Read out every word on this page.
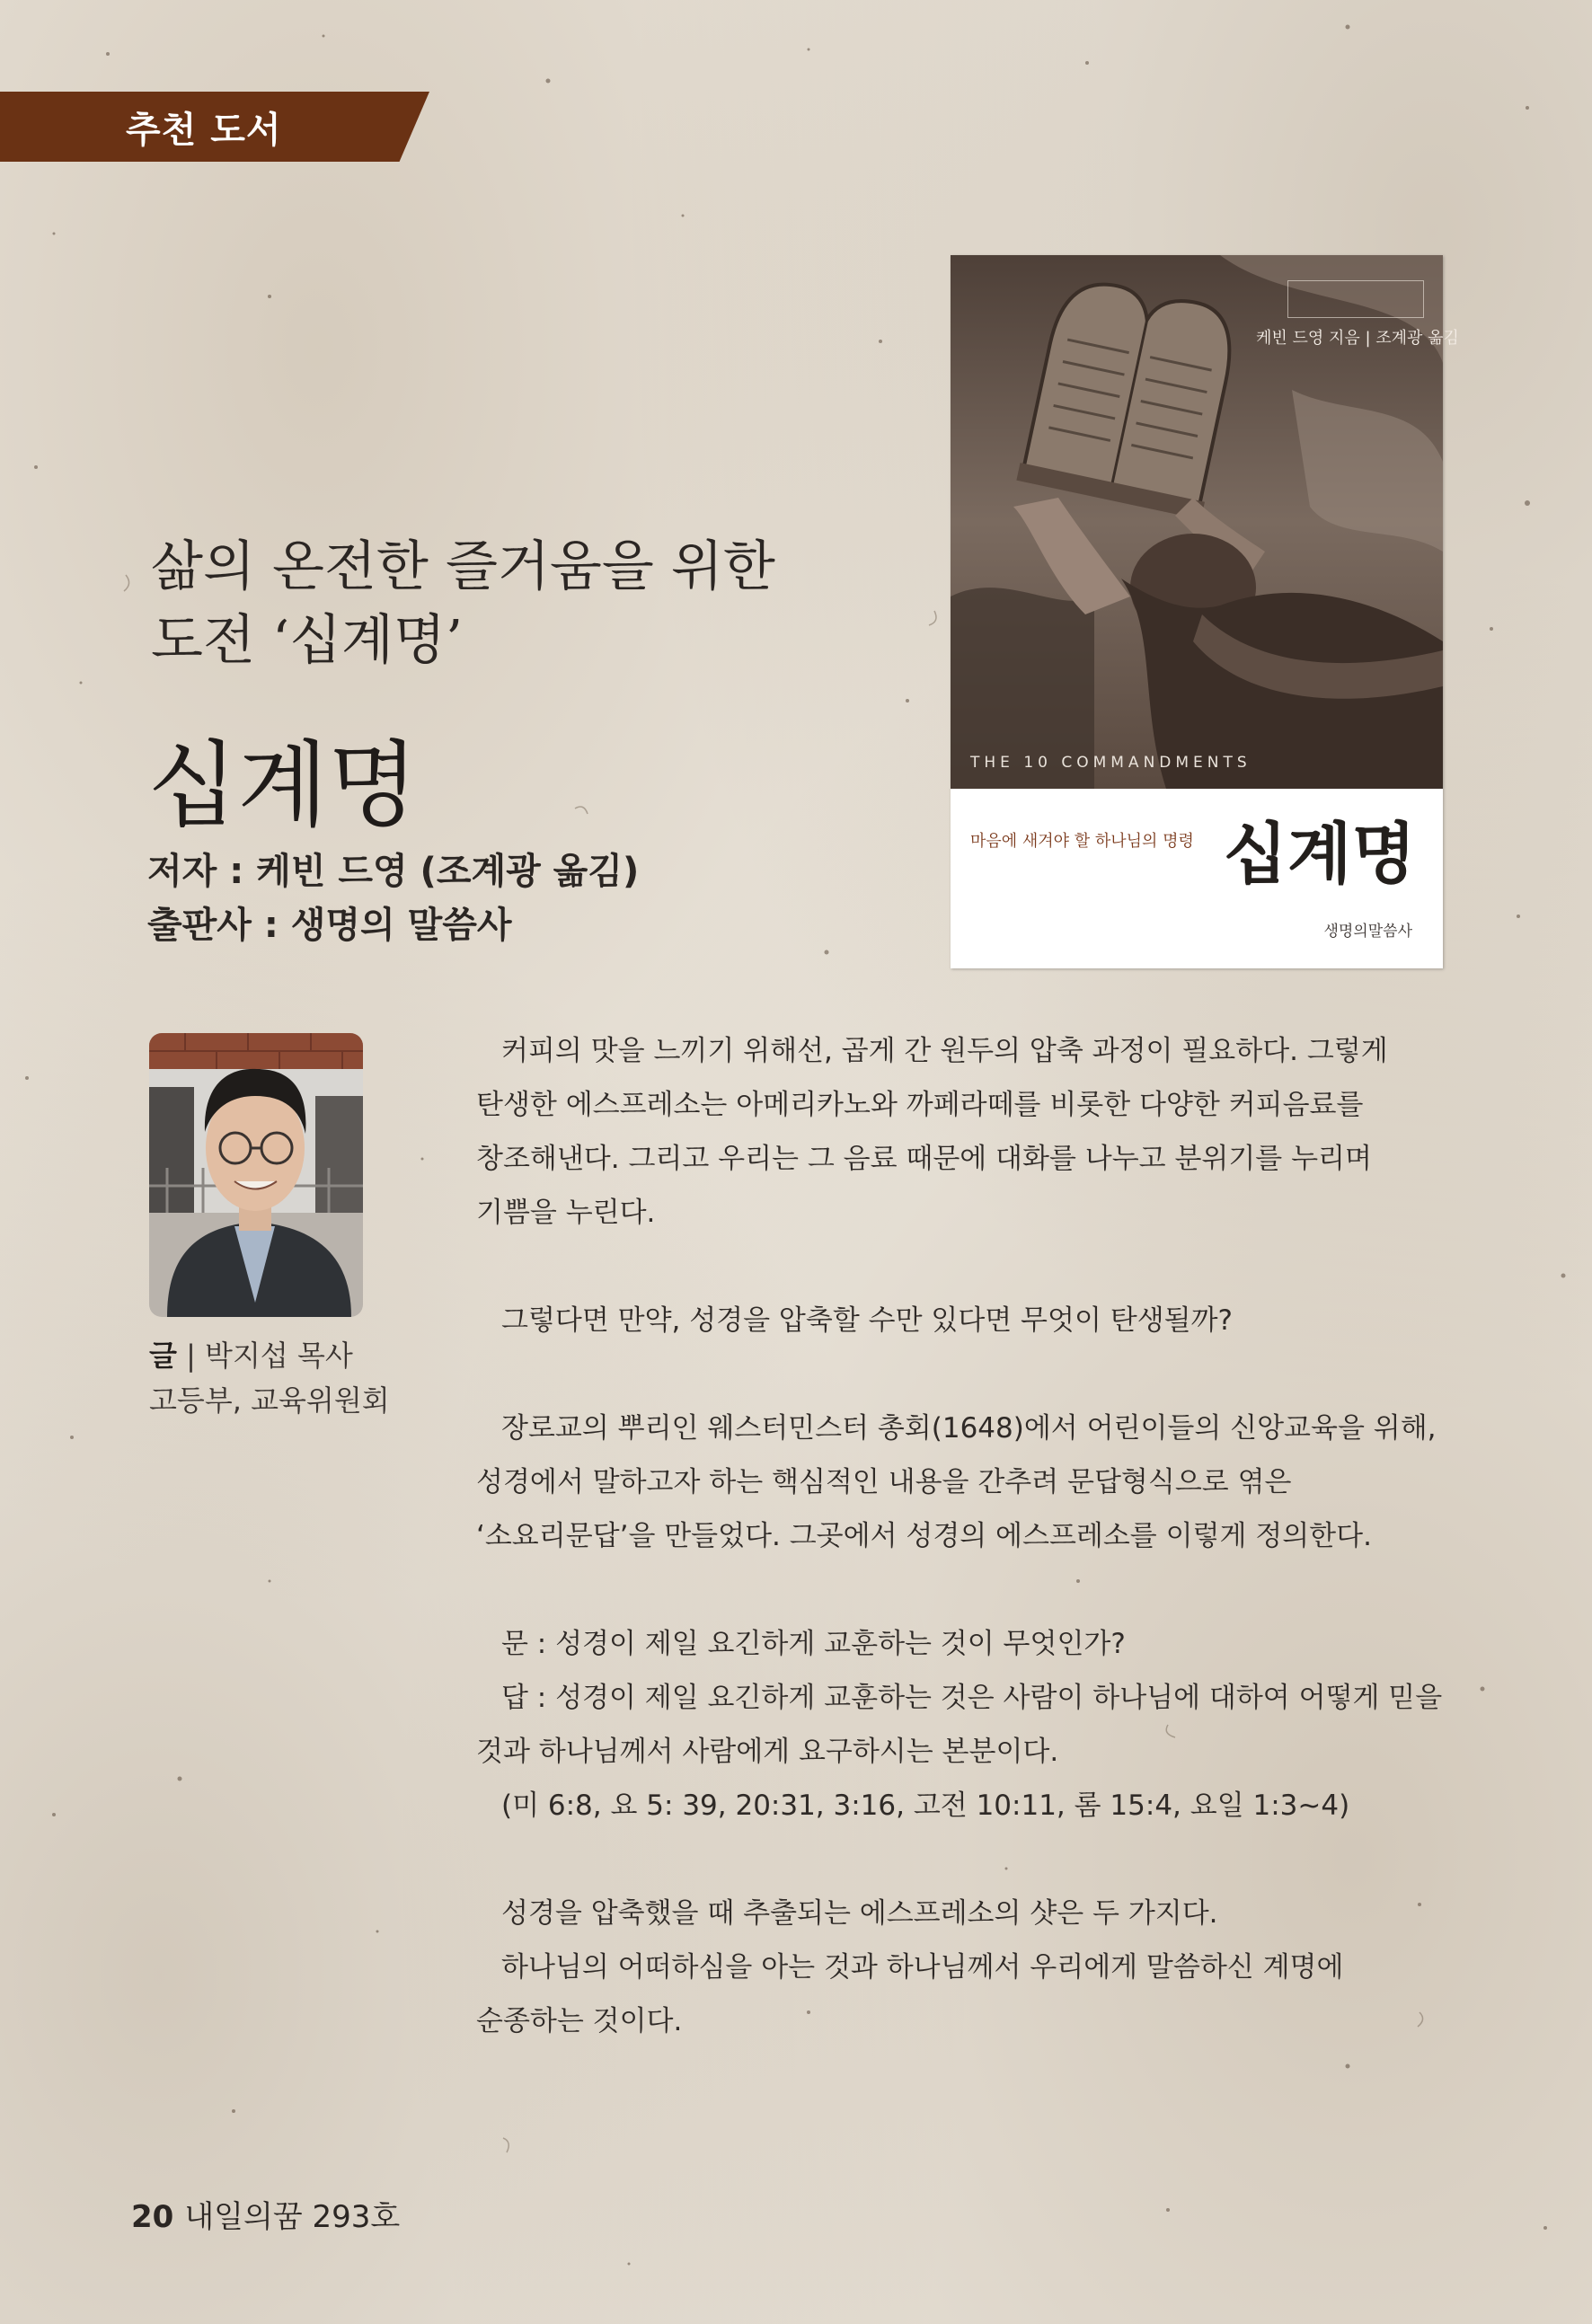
추천 도서
삶의 온전한 즐거움을 위한
도전 ‘십계명’
십계명
저자 : 케빈 드영 (조계광 옮김)
출판사 : 생명의 말씀사
케빈 드영 지음 | 조계광 옮김
THE 10 COMMANDMENTS
마음에 새겨야 할 하나님의 명령 십계명
생명의말씀사
글 | 박지섭 목사
고등부, 교육위원회

커피의 맛을 느끼기 위해선, 곱게 간 원두의 압축 과정이 필요하다. 그렇게 탄생한 에스프레소는 아메리카노와 까페라떼를 비롯한 다양한 커피음료를 창조해낸다. 그리고 우리는 그 음료 때문에 대화를 나누고 분위기를 누리며 기쁨을 누린다.

그렇다면 만약, 성경을 압축할 수만 있다면 무엇이 탄생될까?

장로교의 뿌리인 웨스터민스터 총회(1648)에서 어린이들의 신앙교육을 위해, 성경에서 말하고자 하는 핵심적인 내용을 간추려 문답형식으로 엮은 ‘소요리문답’을 만들었다. 그곳에서 성경의 에스프레소를 이렇게 정의한다.

문 : 성경이 제일 요긴하게 교훈하는 것이 무엇인가?

답 : 성경이 제일 요긴하게 교훈하는 것은 사람이 하나님에 대하여 어떻게 믿을 것과 하나님께서 사람에게 요구하시는 본분이다.

(미 6:8, 요 5: 39, 20:31, 3:16, 고전 10:11, 롬 15:4, 요일 1:3~4)

성경을 압축했을 때 추출되는 에스프레소의 샷은 두 가지다.

하나님의 어떠하심을 아는 것과 하나님께서 우리에게 말씀하신 계명에 순종하는 것이다.

20 내일의꿈 293호
